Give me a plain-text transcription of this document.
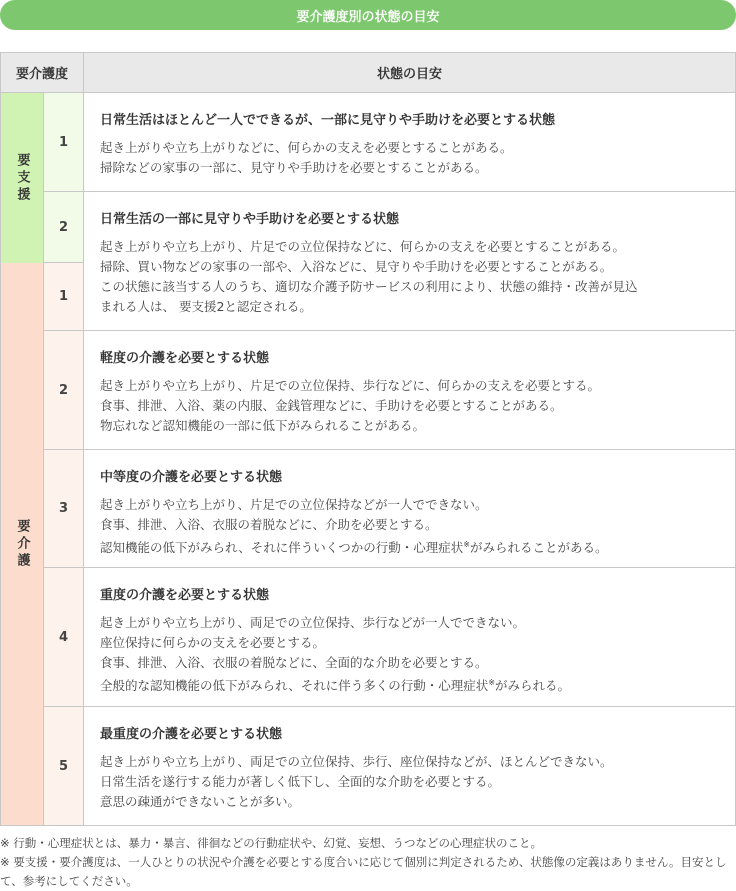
要介護度別の状態の目安
要介護度	状態の目安
要支援
要介護
1
日常生活はほとんど一人でできるが、一部に見守りや手助けを必要とする状態
起き上がりや立ち上がりなどに、何らかの支えを必要とすることがある。
掃除などの家事の一部に、見守りや手助けを必要とすることがある。
2
1
日常生活の一部に見守りや手助けを必要とする状態
起き上がりや立ち上がり、片足での立位保持などに、何らかの支えを必要とすることがある。
掃除、買い物などの家事の一部や、入浴などに、見守りや手助けを必要とすることがある。
この状態に該当する人のうち、適切な介護予防サービスの利用により、状態の維持・改善が見込
まれる人は、 要支援2と認定される。
2
軽度の介護を必要とする状態
起き上がりや立ち上がり、片足での立位保持、歩行などに、何らかの支えを必要とする。
食事、排泄、入浴、薬の内服、金銭管理などに、手助けを必要とすることがある。
物忘れなど認知機能の一部に低下がみられることがある。
3
中等度の介護を必要とする状態
起き上がりや立ち上がり、片足での立位保持などが一人でできない。
食事、排泄、入浴、衣服の着脱などに、介助を必要とする。
認知機能の低下がみられ、それに伴ういくつかの行動・心理症状※がみられることがある。
4
重度の介護を必要とする状態
起き上がりや立ち上がり、両足での立位保持、歩行などが一人でできない。
座位保持に何らかの支えを必要とする。
食事、排泄、入浴、衣服の着脱などに、全面的な介助を必要とする。
全般的な認知機能の低下がみられ、それに伴う多くの行動・心理症状※がみられる。
5
最重度の介護を必要とする状態
起き上がりや立ち上がり、両足での立位保持、歩行、座位保持などが、ほとんどできない。
日常生活を遂行する能力が著しく低下し、全面的な介助を必要とする。
意思の疎通ができないことが多い。
※ 行動・心理症状とは、暴力・暴言、徘徊などの行動症状や、幻覚、妄想、うつなどの心理症状のこと。
※ 要支援・要介護度は、一人ひとりの状況や介護を必要とする度合いに応じて個別に判定されるため、状態像の定義はありません。目安として、参考にしてください。
